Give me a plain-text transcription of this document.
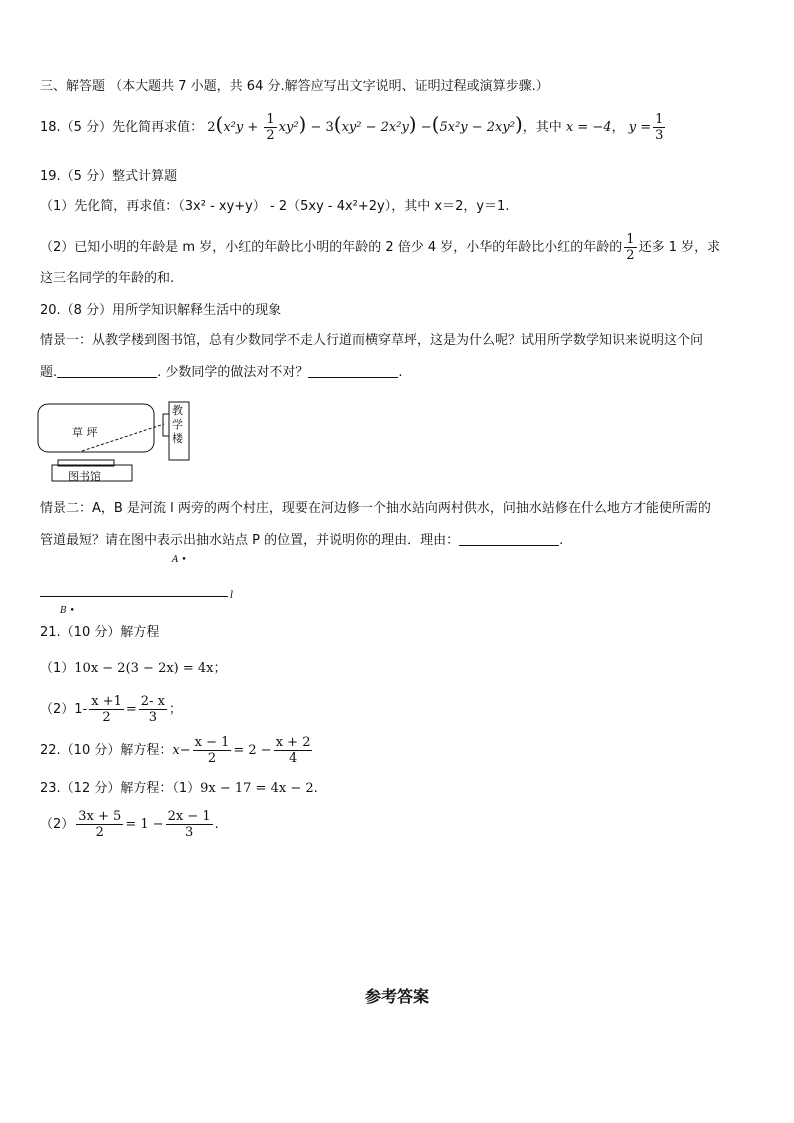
三、解答题 （本大题共 7 小题，共 64 分.解答应写出文字说明、证明过程或演算步骤.）
18.（5 分）先化简再求值： $2(x^2y + \frac{1}{2} xy^2) - 3(xy^2 - 2x^2y) -(5x^2y - 2xy^2)$，其中 x = −4， $y = \frac{1}{3}$
19.（5 分）整式计算题
（1）先化简，再求值：（3x² - xy+y） - 2（5xy - 4x²+2y），其中 x＝2，y＝1.
（2）已知小明的年龄是 m 岁，小红的年龄比小明的年龄的 2 倍少 4 岁，小华的年龄比小红的年龄的 $\frac{1}{2}$ 还多 1 岁，求
这三名同学的年龄的和.
20.（8 分）用所学知识解释生活中的现象
情景一：从教学楼到图书馆，总有少数同学不走人行道而横穿草坪，这是为什么呢？试用所学数学知识来说明这个问
题.	. 少数同学的做法对不对？	.
草 坪
教学楼
图书馆
情景二：A，B 是河流 l 两旁的两个村庄，现要在河边修一个抽水站向两村供水，问抽水站修在什么地方才能使所需的
管道最短？请在图中表示出抽水站点 P 的位置，并说明你的理由．理由：	.
A •
l
B •
21.（10 分）解方程
（1）10x − 2(3 − 2x) = 4x；
$(2)1- \frac{x +1}{2} = \frac{2- x}{3}$ ；
22.（10 分）解方程：$x- \frac{x - 1}{2} = 2 - \frac{x + 2}{4}$
23.（12 分）解方程：（1）9x − 17 = 4x − 2.
$(2) \frac{3x + 5}{2} = 1 - \frac{2x - 1}{3}$ .
参考答案
